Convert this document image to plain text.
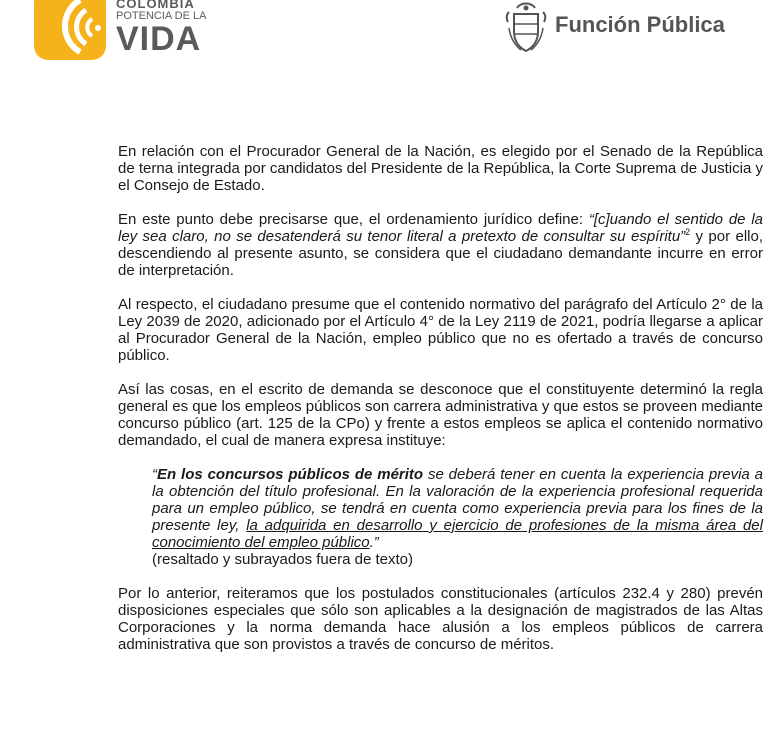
COLOMBIA
POTENCIA DE LA
VIDA	Función Pública

En relación con el Procurador General de la Nación, es elegido por el Senado de la República de terna integrada por candidatos del Presidente de la República, la Corte Suprema de Justicia y el Consejo de Estado.

En este punto debe precisarse que, el ordenamiento jurídico define: “[c]uando el sentido de la ley sea claro, no se desatenderá su tenor literal a pretexto de consultar su espíritu”$^2$ y por ello, descendiendo al presente asunto, se considera que el ciudadano demandante incurre en error de interpretación.

Al respecto, el ciudadano presume que el contenido normativo del parágrafo del Artículo 2° de la Ley 2039 de 2020, adicionado por el Artículo 4° de la Ley 2119 de 2021, podría llegarse a aplicar al Procurador General de la Nación, empleo público que no es ofertado a través de concurso público.

Así las cosas, en el escrito de demanda se desconoce que el constituyente determinó la regla general es que los empleos públicos son carrera administrativa y que estos se proveen mediante concurso público (art. 125 de la CPo) y frente a estos empleos se aplica el contenido normativo demandado, el cual de manera expresa instituye:

“En los concursos públicos de mérito se deberá tener en cuenta la experiencia previa a la obtención del título profesional. En la valoración de la experiencia profesional requerida para un empleo público, se tendrá en cuenta como experiencia previa para los fines de la presente ley, la adquirida en desarrollo y ejercicio de profesiones de la misma área del conocimiento del empleo público.”
(resaltado y subrayados fuera de texto)

Por lo anterior, reiteramos que los postulados constitucionales (artículos 232.4 y 280) prevén disposiciones especiales que sólo son aplicables a la designación de magistrados de las Altas Corporaciones y la norma demanda hace alusión a los empleos públicos de carrera administrativa que son provistos a través de concurso de méritos.
